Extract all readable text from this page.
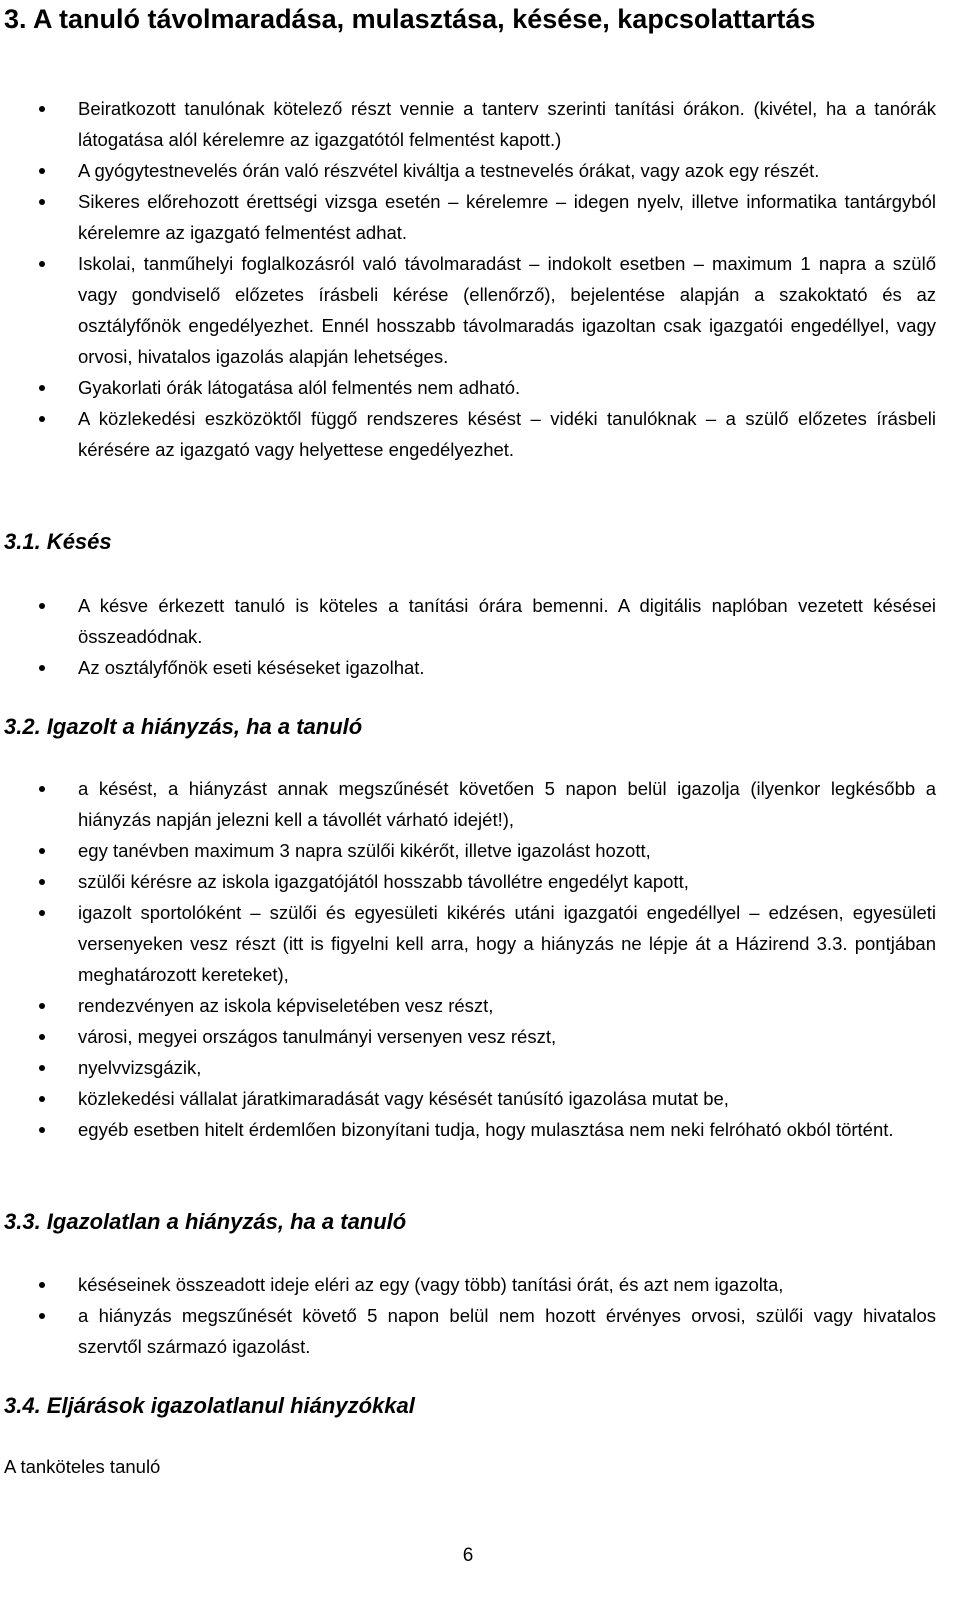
3. A tanuló távolmaradása, mulasztása, késése, kapcsolattartás
Beiratkozott tanulónak kötelező részt vennie a tanterv szerinti tanítási órákon. (kivétel, ha a tanórák látogatása alól kérelemre az igazgatótól felmentést kapott.)
A gyógytestnevelés órán való részvétel kiváltja a testnevelés órákat, vagy azok egy részét.
Sikeres előrehozott érettségi vizsga esetén – kérelemre – idegen nyelv, illetve informatika tantárgyból kérelemre az igazgató felmentést adhat.
Iskolai, tanműhelyi foglalkozásról való távolmaradást – indokolt esetben – maximum 1 napra a szülő vagy gondviselő előzetes írásbeli kérése (ellenőrző), bejelentése alapján a szakoktató és az osztályfőnök engedélyezhet. Ennél hosszabb távolmaradás igazoltan csak igazgatói engedéllyel, vagy orvosi, hivatalos igazolás alapján lehetséges.
Gyakorlati órák látogatása alól felmentés nem adható.
A közlekedési eszközöktől függő rendszeres késést – vidéki tanulóknak – a szülő előzetes írásbeli kérésére az igazgató vagy helyettese engedélyezhet.
3.1. Késés
A késve érkezett tanuló is köteles a tanítási órára bemenni. A digitális naplóban vezetett késései összeadódnak.
Az osztályfőnök eseti késéseket igazolhat.
3.2. Igazolt a hiányzás, ha a tanuló
a késést, a hiányzást annak megszűnését követően 5 napon belül igazolja (ilyenkor legkésőbb a hiányzás napján jelezni kell a távollét várható idejét!),
egy tanévben maximum 3 napra szülői kikérőt, illetve igazolást hozott,
szülői kérésre az iskola igazgatójától hosszabb távollétre engedélyt kapott,
igazolt sportolóként – szülői és egyesületi kikérés utáni igazgatói engedéllyel – edzésen, egyesületi versenyeken vesz részt (itt is figyelni kell arra, hogy a hiányzás ne lépje át a Házirend 3.3. pontjában meghatározott kereteket),
rendezvényen az iskola képviseletében vesz részt,
városi, megyei országos tanulmányi versenyen vesz részt,
nyelvvizsgázik,
közlekedési vállalat járatkimaradását vagy késését tanúsító igazolása mutat be,
egyéb esetben hitelt érdemlően bizonyítani tudja, hogy mulasztása nem neki felróható okból történt.
3.3. Igazolatlan a hiányzás, ha a tanuló
késéseinek összeadott ideje eléri az egy (vagy több) tanítási órát, és azt nem igazolta,
a hiányzás megszűnését követő 5 napon belül nem hozott érvényes orvosi, szülői vagy hivatalos szervtől származó igazolást.
3.4. Eljárások igazolatlanul hiányzókkal
A tanköteles tanuló
6
